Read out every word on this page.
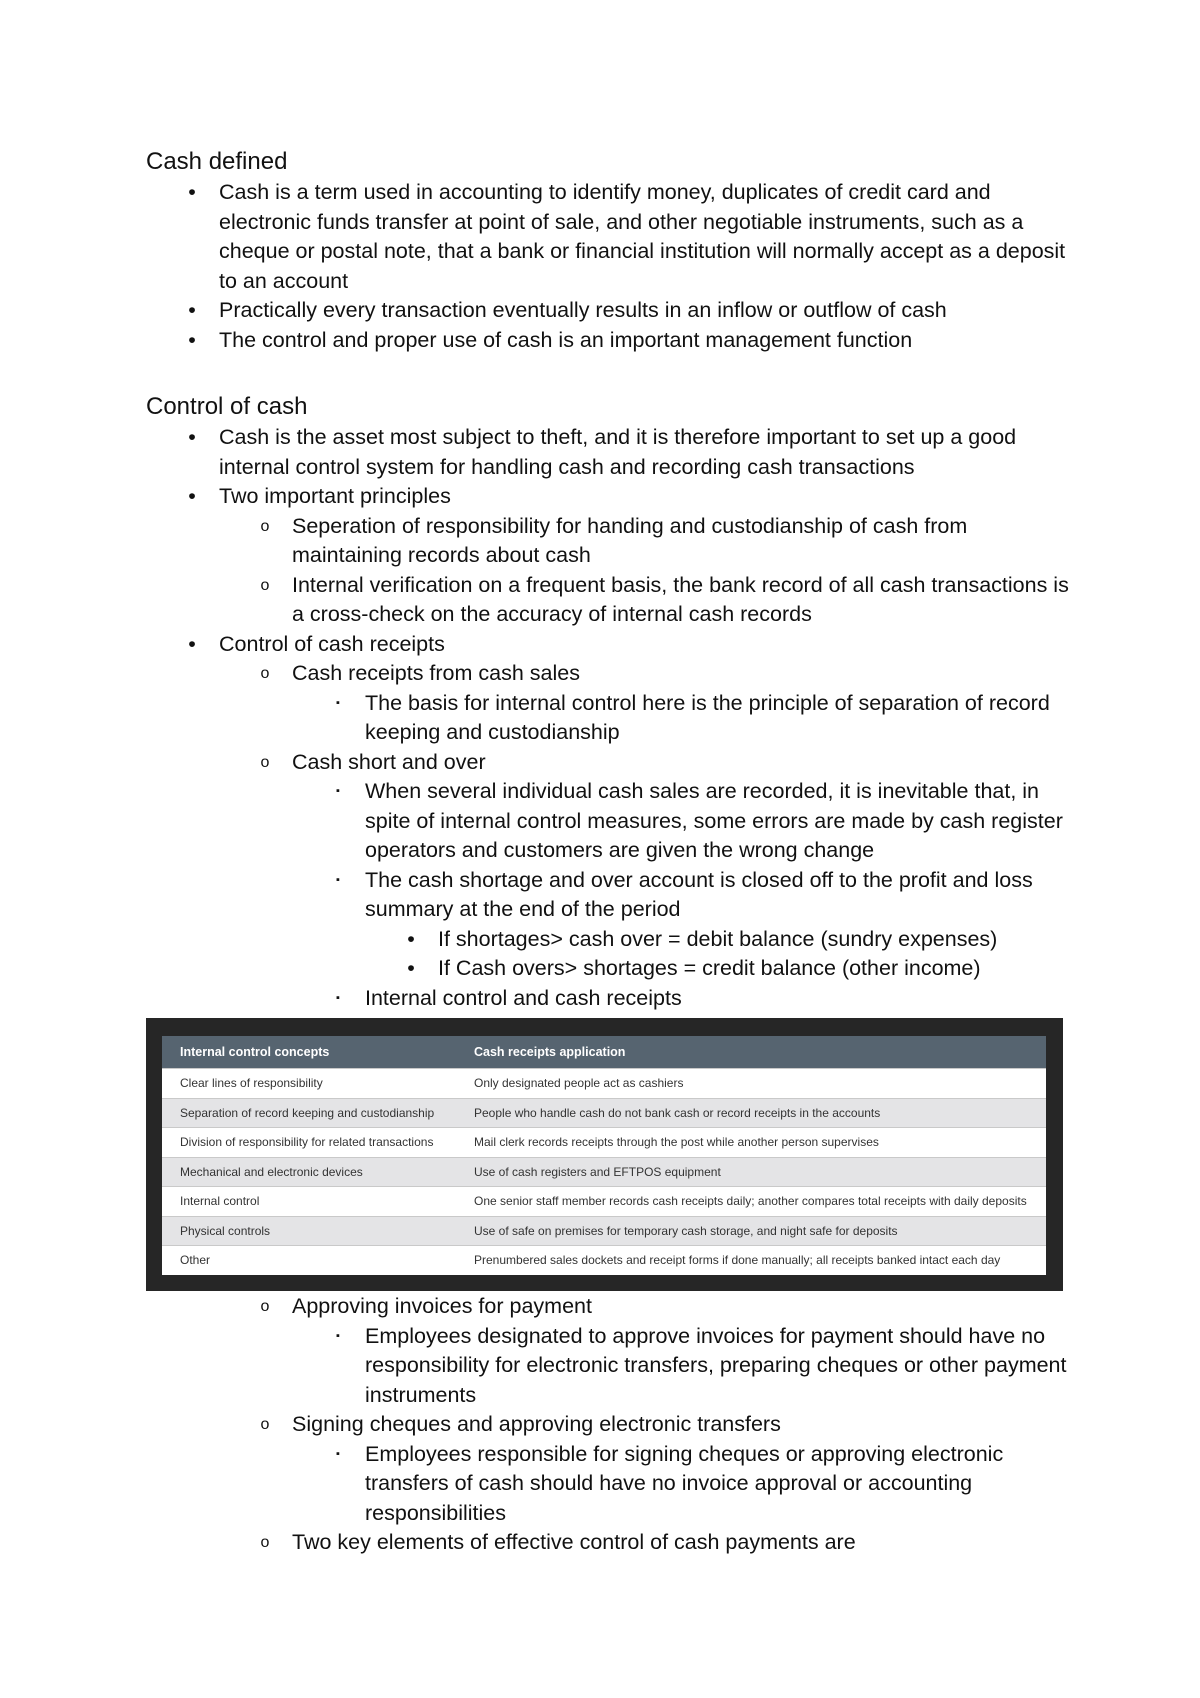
Cash defined
• Cash is a term used in accounting to identify money, duplicates of credit card and electronic funds transfer at point of sale, and other negotiable instruments, such as a cheque or postal note, that a bank or financial institution will normally accept as a deposit to an account
• Practically every transaction eventually results in an inflow or outflow of cash
• The control and proper use of cash is an important management function
Control of cash
• Cash is the asset most subject to theft, and it is therefore important to set up a good internal control system for handling cash and recording cash transactions
• Two important principles
o Seperation of responsibility for handing and custodianship of cash from maintaining records about cash
o Internal verification on a frequent basis, the bank record of all cash transactions is a cross-check on the accuracy of internal cash records
• Control of cash receipts
o Cash receipts from cash sales
▪	The basis for internal control here is the principle of separation of record keeping and custodianship
o Cash short and over
▪	When several individual cash sales are recorded, it is inevitable that, in spite of internal control measures, some errors are made by cash register operators and customers are given the wrong change
▪	The cash shortage and over account is closed off to the profit and loss summary at the end of the period
• If shortages> cash over = debit balance (sundry expenses)
• If Cash overs> shortages = credit balance (other income)
▪	Internal control and cash receipts
Internal control concepts	Cash receipts application
Clear lines of responsibility	Only designated people act as cashiers
Separation of record keeping and custodianship	People who handle cash do not bank cash or record receipts in the accounts
Division of responsibility for related transactions	Mail clerk records receipts through the post while another person supervises
Mechanical and electronic devices	Use of cash registers and EFTPOS equipment
Internal control	One senior staff member records cash receipts daily; another compares total receipts with daily deposits
Physical controls	Use of safe on premises for temporary cash storage, and night safe for deposits
Other	Prenumbered sales dockets and receipt forms if done manually; all receipts banked intact each day
o Approving invoices for payment
▪	Employees designated to approve invoices for payment should have no responsibility for electronic transfers, preparing cheques or other payment instruments
o Signing cheques and approving electronic transfers
▪	Employees responsible for signing cheques or approving electronic transfers of cash should have no invoice approval or accounting responsibilities
o Two key elements of effective control of cash payments are
